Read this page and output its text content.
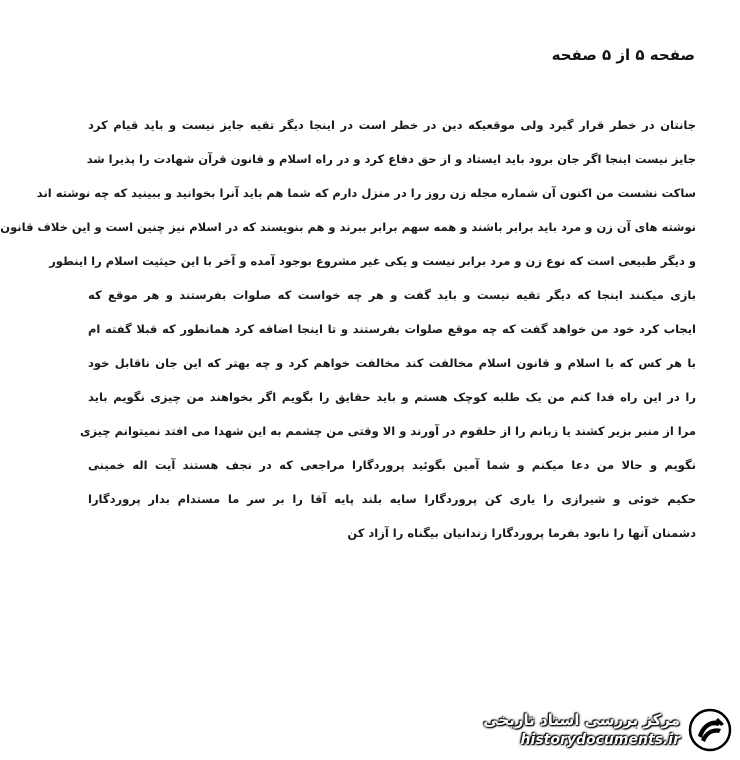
صفحه ۵ از ۵ صفحه
جانتان در خطر قرار گیرد ولی موقعیکه دین در خطر است در اینجا دیگر تقیه جایز نیست و باید قیام کرد
جایز نیست اینجا اگر جان برود باید ایستاد و از حق دفاع کرد و در راه اسلام و قانون قرآن شهادت را پذیرا شد
ساکت نشست من اکنون آن شماره مجله زن روز را در منزل دارم که شما هم باید آنرا بخوانید و ببینید که چه نوشته اند
نوشته های آن زن و مرد باید برابر باشند و همه سهم برابر ببرند و هم بنویسند که در اسلام نیز چنین است و این خلاف قانون
و دیگر طبیعی است که نوع زن و مرد برابر نیست و یکی غیر مشروع بوجود آمده و آخر با این حیثیت اسلام را اینطور
بازی میکنند اینجا که دیگر تقیه نیست و باید گفت و هر چه خواست که صلوات بفرستند و هر موقع که
ایجاب کرد خود من خواهد گفت که چه موقع صلوات بفرستند و تا اینجا اضافه کرد همانطور که قبلا گفته ام
با هر کس که با اسلام و قانون اسلام مخالفت کند مخالفت خواهم کرد و چه بهتر که این جان ناقابل خود
را در این راه فدا کنم من یک طلبه کوچک هستم و باید حقایق را بگویم اگر بخواهند من چیزی نگویم باید
مرا از منبر بزیر کشند یا زبانم را از حلقوم در آورند و الا وقتی من چشمم به این شهدا می افتد نمیتوانم چیزی
نگویم و حالا من دعا میکنم و شما آمین بگوئید پروردگارا مراجعی که در نجف هستند آیت اله خمینی
حکیم خوئی و شیرازی را یاری کن پروردگارا سایه بلند پایه آقا را بر سر ما مستدام بدار پروردگارا
دشمنان آنها را نابود بفرما پروردگارا زندانیان بیگناه را آزاد کن
مرکز بررسی اسناد تاریخی
historydocuments.ir
